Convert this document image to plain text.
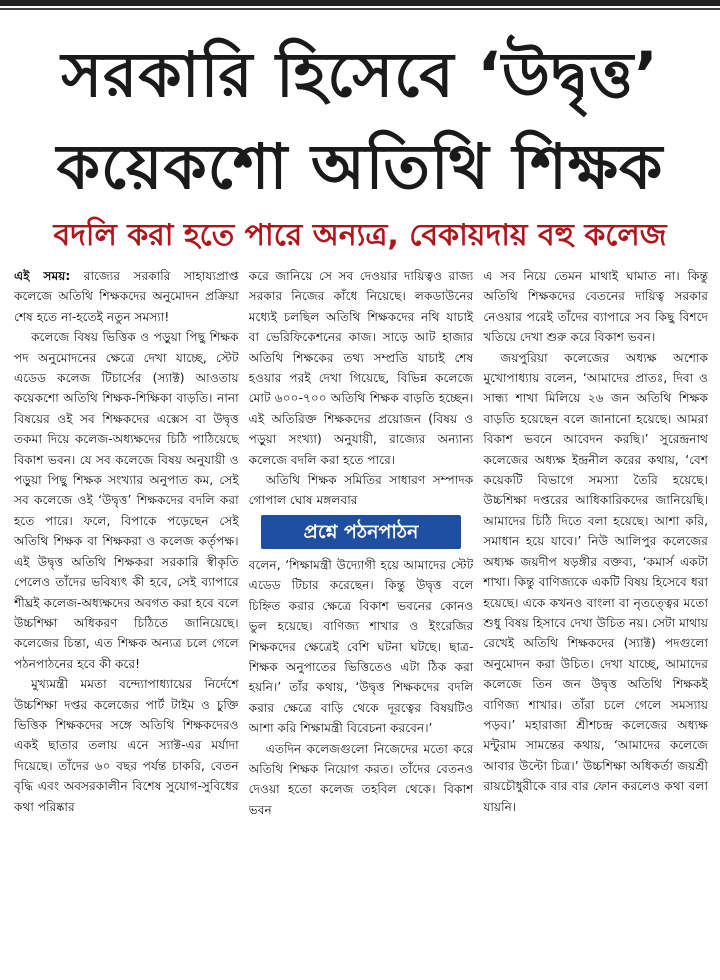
সরকারি হিসেবে ‘উদ্বৃত্ত’
কয়েকশো অতিথি শিক্ষক
বদলি করা হতে পারে অন্যত্র, বেকায়দায় বহু কলেজ

এই সময়: রাজ্যের সরকারি সাহায্যপ্রাপ্ত কলেজে অতিথি শিক্ষকদের অনুমোদন প্রক্রিয়া শেষ হতে না-হতেই নতুন সমস্যা!

কলেজে বিষয় ভিত্তিক ও পড়ুয়া পিছু শিক্ষক পদ অনুমোদনের ক্ষেত্রে দেখা যাচ্ছে, স্টেট এডেড কলেজ টিচার্সের (স্যাক্ট) আওতায় কয়েকশো অতিথি শিক্ষক-শিক্ষিকা বাড়তি। নানা বিষয়ের ওই সব শিক্ষকদের এক্সেস বা উদ্বৃত্ত তকমা দিয়ে কলেজ-অধ্যক্ষদের চিঠি পাঠিয়েছে বিকাশ ভবন। যে সব কলেজে বিষয় অনুযায়ী ও পড়ুয়া পিছু শিক্ষক সংখ্যার অনুপাত কম, সেই সব কলেজে ওই ‘উদ্বৃত্ত’ শিক্ষকদের বদলি করা হতে পারে। ফলে, বিপাকে পড়েছেন সেই অতিথি শিক্ষক বা শিক্ষকরা ও কলেজ কর্তৃপক্ষ। এই উদ্বৃত্ত অতিথি শিক্ষকরা সরকারি স্বীকৃতি পেলেও তাঁদের ভবিষ্যৎ কী হবে, সেই ব্যাপারে শীঘ্রই কলেজ-অধ্যক্ষদের অবগত করা হবে বলে উচ্চশিক্ষা অধিকরণ চিঠিতে জানিয়েছে। কলেজের চিন্তা, এত শিক্ষক অন্যত্র চলে গেলে পঠনপাঠনের হবে কী করে!

মুখ্যমন্ত্রী মমতা বন্দ্যোপাধ্যায়ের নির্দেশে উচ্চশিক্ষা দপ্তর কলেজের পার্ট টাইম ও চুক্তি ভিত্তিক শিক্ষকদের সঙ্গে অতিথি শিক্ষকদেরও একই ছাতার তলায় এনে স্যাক্ট-এর মর্যাদা দিয়েছে। তাঁদের ৬০ বছর পর্যন্ত চাকরি, বেতন বৃদ্ধি এবং অবসরকালীন বিশেষ সুযোগ-সুবিধের কথা পরিষ্কার

করে জানিয়ে সে সব দেওয়ার দায়িত্বও রাজ্য সরকার নিজের কাঁধে নিয়েছে। লকডাউনের মধ্যেই চলছিল অতিথি শিক্ষকদের নথি যাচাই বা ভেরিফিকেশনের কাজ। সাড়ে আট হাজার অতিথি শিক্ষকের তথ্য সম্প্রতি যাচাই শেষ হওয়ার পরই দেখা গিয়েছে, বিভিন্ন কলেজে মোট ৬০০-৭০০ অতিথি শিক্ষক বাড়তি হচ্ছেন। এই অতিরিক্ত শিক্ষকদের প্রয়োজন (বিষয় ও পড়ুয়া সংখ্যা) অনুযায়ী, রাজ্যের অন্যান্য কলেজে বদলি করা হতে পারে।

অতিথি শিক্ষক সমিতির সাধারণ সম্পাদক গোপাল ঘোষ মঙ্গলবার

প্রশ্নে পঠনপাঠন

বলেন, ‘শিক্ষামন্ত্রী উদ্যোগী হয়ে আমাদের স্টেট এডেড টিচার করেছেন। কিন্তু উদ্বৃত্ত বলে চিহ্নিত করার ক্ষেত্রে বিকাশ ভবনের কোনও ভুল হয়েছে। বাণিজ্য শাখার ও ইংরেজির শিক্ষকদের ক্ষেত্রেই বেশি ঘটনা ঘটছে। ছাত্র-শিক্ষক অনুপাতের ভিত্তিতেও এটা ঠিক করা হয়নি।’ তাঁর কথায়, ‘উদ্বৃত্ত শিক্ষকদের বদলি করার ক্ষেত্রে বাড়ি থেকে দূরত্বের বিষয়টিও আশা করি শিক্ষামন্ত্রী বিবেচনা করবেন।’

এতদিন কলেজগুলো নিজেদের মতো করে অতিথি শিক্ষক নিয়োগ করত। তাঁদের বেতনও দেওয়া হতো কলেজ তহবিল থেকে। বিকাশ ভবন

এ সব নিয়ে তেমন মাথাই ঘামাত না। কিন্তু অতিথি শিক্ষকদের বেতনের দায়িত্ব সরকার নেওয়ার পরেই তাঁদের ব্যাপারে সব কিছু বিশদে খতিয়ে দেখা শুরু করে বিকাশ ভবন।

জয়পুরিয়া কলেজের অধ্যক্ষ অশোক মুখোপাধ্যায় বলেন, ‘আমাদের প্রাতঃ, দিবা ও সান্ধ্য শাখা মিলিয়ে ২৬ জন অতিথি শিক্ষক বাড়তি হয়েছেন বলে জানানো হয়েছে। আমরা বিকাশ ভবনে আবেদন করছি।’ সুরেন্দ্রনাথ কলেজের অধ্যক্ষ ইন্দ্রনীল করের কথায়, ‘বেশ কয়েকটি বিভাগে সমস্যা তৈরি হয়েছে। উচ্চশিক্ষা দপ্তরের আধিকারিকদের জানিয়েছি। আমাদের চিঠি দিতে বলা হয়েছে। আশা করি, সমাধান হয়ে যাবে।’ নিউ আলিপুর কলেজের অধ্যক্ষ জয়দীপ ষড়ঙ্গীর বক্তব্য, ‘কমার্স একটা শাখা। কিন্তু বাণিজ্যকে একটি বিষয় হিসেবে ধরা হয়েছে। একে কখনও বাংলা বা নৃতত্ত্বের মতো শুধু বিষয় হিসাবে দেখা উচিত নয়। সেটা মাথায় রেখেই অতিথি শিক্ষকদের (স্যাক্ট) পদগুলো অনুমোদন করা উচিত। দেখা যাচ্ছে, আমাদের কলেজে তিন জন উদ্বৃত্ত অতিথি শিক্ষকই বাণিজ্য শাখার। তাঁরা চলে গেলে সমস্যায় পড়ব।’ মহারাজা শ্রীশচন্দ্র কলেজের অধ্যক্ষ মন্টুরাম সামন্তের কথায়, ‘আমাদের কলেজে আবার উল্টো চিত্র।’ উচ্চশিক্ষা অধিকর্তা জয়শ্রী রায়চৌধুরীকে বার বার ফোন করলেও কথা বলা যায়নি।
